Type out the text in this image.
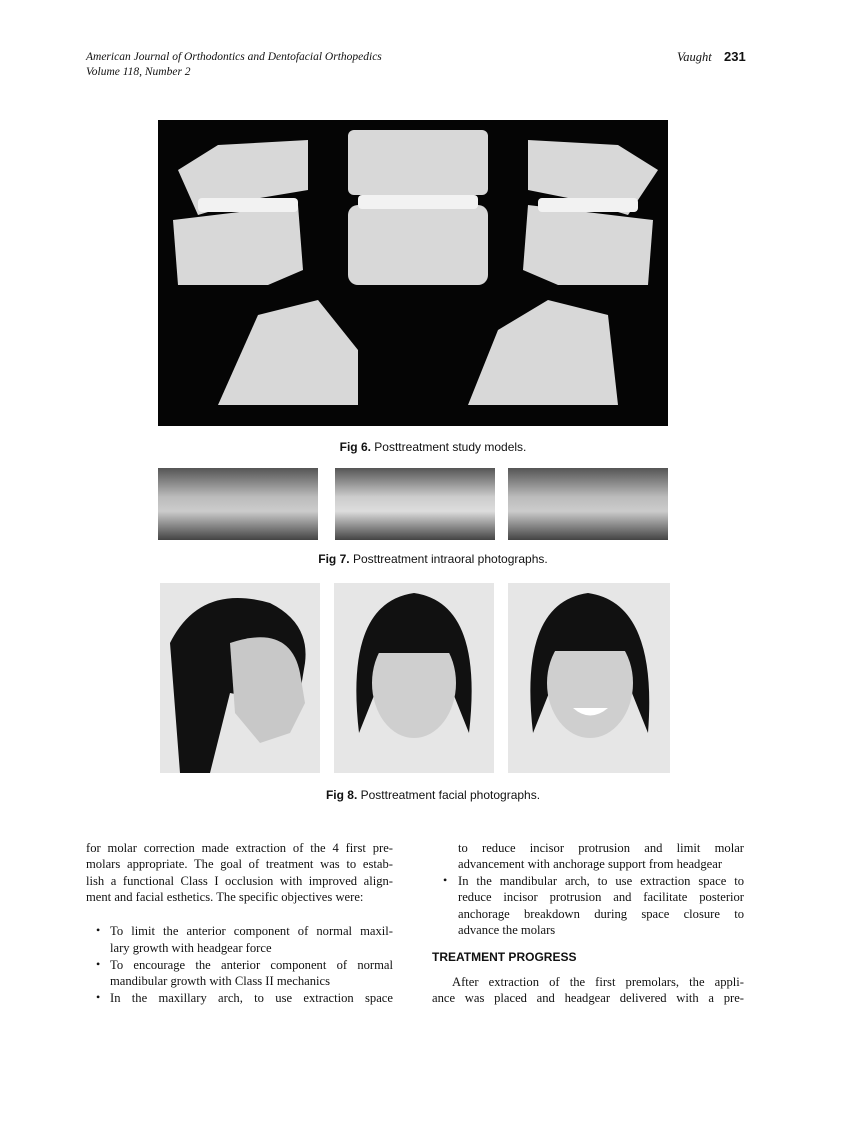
American Journal of Orthodontics and Dentofacial Orthopedics
Volume 118, Number 2
Vaught 231
Fig 6. Posttreatment study models.
Fig 7. Posttreatment intraoral photographs.
Fig 8. Posttreatment facial photographs.
for molar correction made extraction of the 4 first pre-
molars appropriate. The goal of treatment was to estab-
lish a functional Class I occlusion with improved align-
ment and facial esthetics. The specific objectives were:
• To limit the anterior component of normal maxil-
lary growth with headgear force
• To encourage the anterior component of normal
mandibular growth with Class II mechanics
• In the maxillary arch, to use extraction space
to reduce incisor protrusion and limit molar
advancement with anchorage support from headgear
• In the mandibular arch, to use extraction space to
reduce incisor protrusion and facilitate posterior
anchorage breakdown during space closure to
advance the molars
TREATMENT PROGRESS
After extraction of the first premolars, the appli-
ance was placed and headgear delivered with a pre-
